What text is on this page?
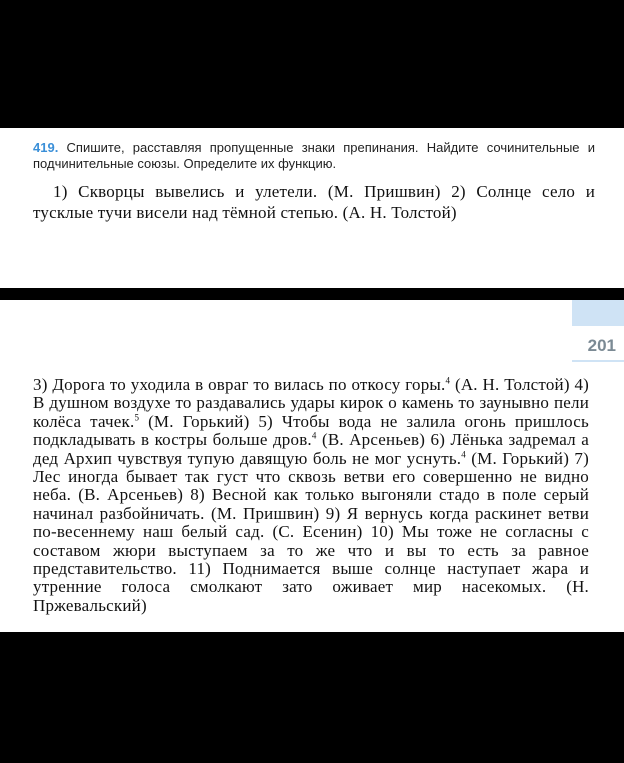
419. Спишите, расставляя пропущенные знаки препинания. Найдите сочинительные и подчинительные союзы. Определите их функцию.
1) Скворцы вывелись и улетели. (М. Пришвин) 2) Солнце село и тусклые тучи висели над тёмной степью. (А. Н. Толстой)
201
3) Дорога то уходила в овраг то вилась по откосу горы.$^4$ (А. Н. Толстой) 4) В душном воздухе то раздавались удары кирок о камень то заунывно пели колёса тачек.$^5$ (М. Горький) 5) Чтобы вода не залила огонь пришлось подкладывать в костры больше дров.$^4$ (В. Арсеньев) 6) Лёнька задремал а дед Архип чувствуя тупую давящую боль не мог уснуть.$^4$ (М. Горький) 7) Лес иногда бывает так густ что сквозь ветви его совершенно не видно неба. (В. Арсеньев) 8) Весной как только выгоняли стадо в поле серый начинал разбойничать. (М. Пришвин) 9) Я вернусь когда раскинет ветви по-весеннему наш белый сад. (С. Есенин) 10) Мы тоже не согласны с составом жюри выступаем за то же что и вы то есть за равное представительство. 11) Поднимается выше солнце наступает жара и утренние голоса смолкают зато оживает мир насекомых. (Н. Пржевальский)
